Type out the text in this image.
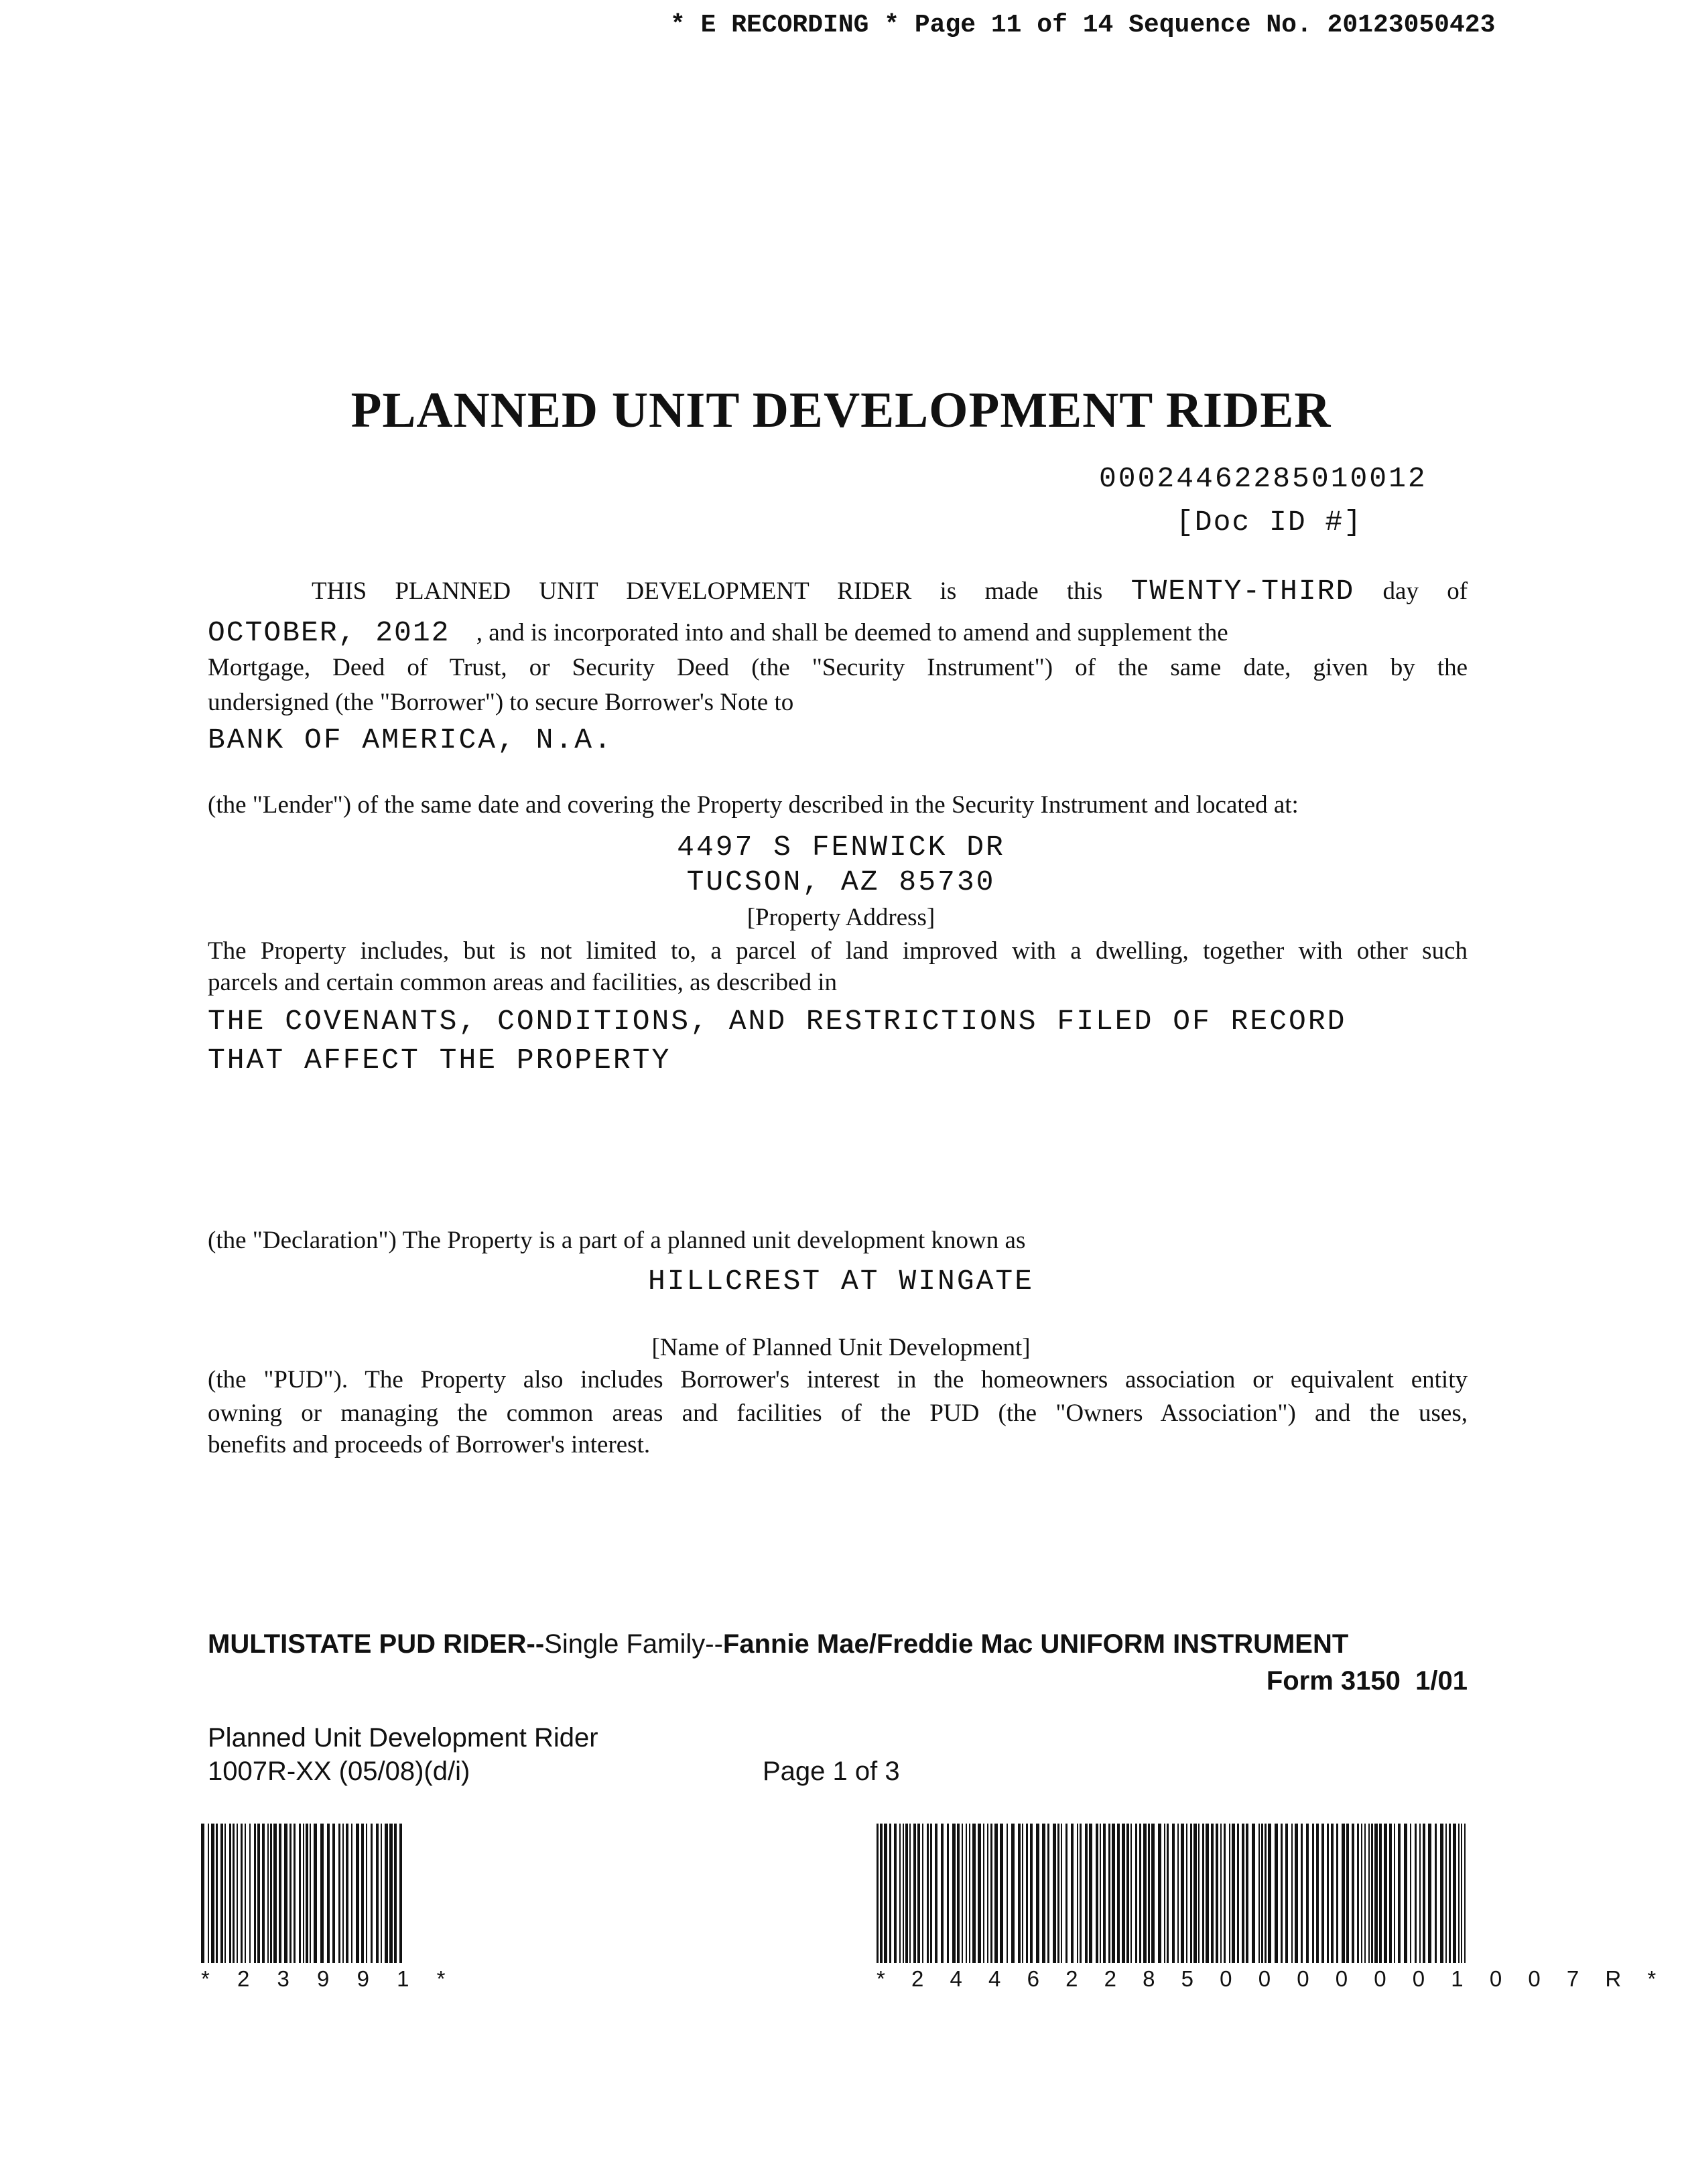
* E RECORDING * Page 11 of 14 Sequence No. 20123050423
PLANNED UNIT DEVELOPMENT RIDER
00024462285010012
[Doc ID #]
THIS PLANNED UNIT DEVELOPMENT RIDER is made this TWENTY-THIRD day of
OCTOBER, 2012 , and is incorporated into and shall be deemed to amend and supplement the
Mortgage, Deed of Trust, or Security Deed (the "Security Instrument") of the same date, given by the
undersigned (the "Borrower") to secure Borrower's Note to
BANK OF AMERICA, N.A.
(the "Lender") of the same date and covering the Property described in the Security Instrument and located at:
4497 S FENWICK DR
TUCSON, AZ 85730
[Property Address]
The Property includes, but is not limited to, a parcel of land improved with a dwelling, together with other such
parcels and certain common areas and facilities, as described in
THE COVENANTS, CONDITIONS, AND RESTRICTIONS FILED OF RECORD
THAT AFFECT THE PROPERTY
(the "Declaration") The Property is a part of a planned unit development known as
HILLCREST AT WINGATE
[Name of Planned Unit Development]
(the "PUD"). The Property also includes Borrower's interest in the homeowners association or equivalent entity
owning or managing the common areas and facilities of the PUD (the "Owners Association") and the uses,
benefits and proceeds of Borrower's interest.
MULTISTATE PUD RIDER--Single Family--Fannie Mae/Freddie Mac UNIFORM INSTRUMENT
Form 3150  1/01
Planned Unit Development Rider
1007R-XX (05/08)(d/i)	Page 1 of 3
* 2 3 9 9 1 *	* 2 4 4 6 2 2 8 5 0 0 0 0 0 0 1 0 0 7 R *
